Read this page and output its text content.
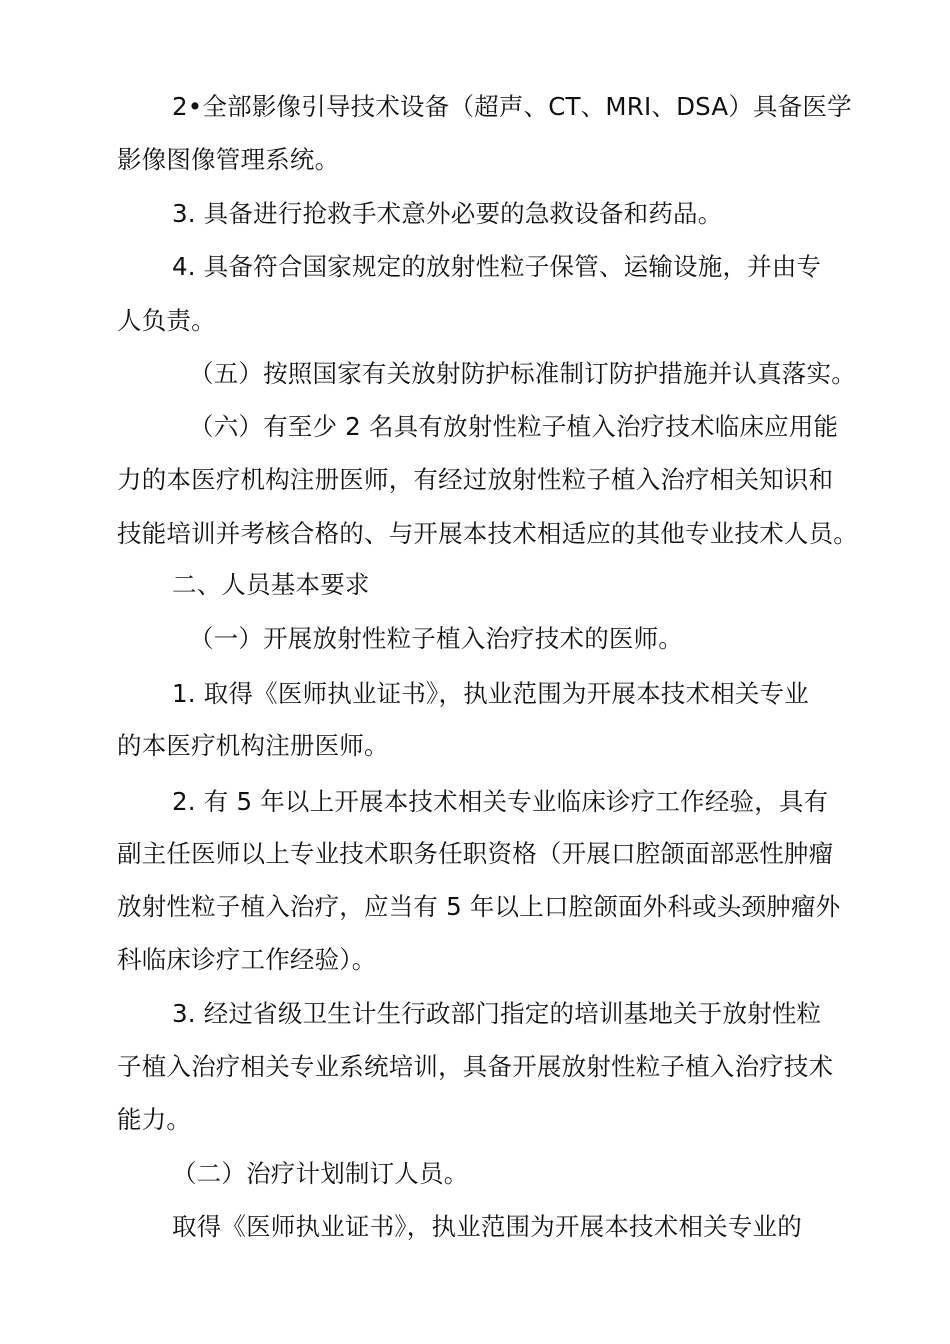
2•全部影像引导技术设备（超声、CT、MRI、DSA）具备医学
影像图像管理系统。
3. 具备进行抢救手术意外必要的急救设备和药品。
4. 具备符合国家规定的放射性粒子保管、运输设施，并由专
人负责。
（五）按照国家有关放射防护标准制订防护措施并认真落实。
（六）有至少 2 名具有放射性粒子植入治疗技术临床应用能
力的本医疗机构注册医师，有经过放射性粒子植入治疗相关知识和
技能培训并考核合格的、与开展本技术相适应的其他专业技术人员。
二、人员基本要求
（一）开展放射性粒子植入治疗技术的医师。
1. 取得《医师执业证书》，执业范围为开展本技术相关专业
的本医疗机构注册医师。
2. 有 5 年以上开展本技术相关专业临床诊疗工作经验，具有
副主任医师以上专业技术职务任职资格（开展口腔颌面部恶性肿瘤
放射性粒子植入治疗，应当有 5 年以上口腔颌面外科或头颈肿瘤外
科临床诊疗工作经验）。
3. 经过省级卫生计生行政部门指定的培训基地关于放射性粒
子植入治疗相关专业系统培训，具备开展放射性粒子植入治疗技术
能力。
（二）治疗计划制订人员。
取得《医师执业证书》，执业范围为开展本技术相关专业的
